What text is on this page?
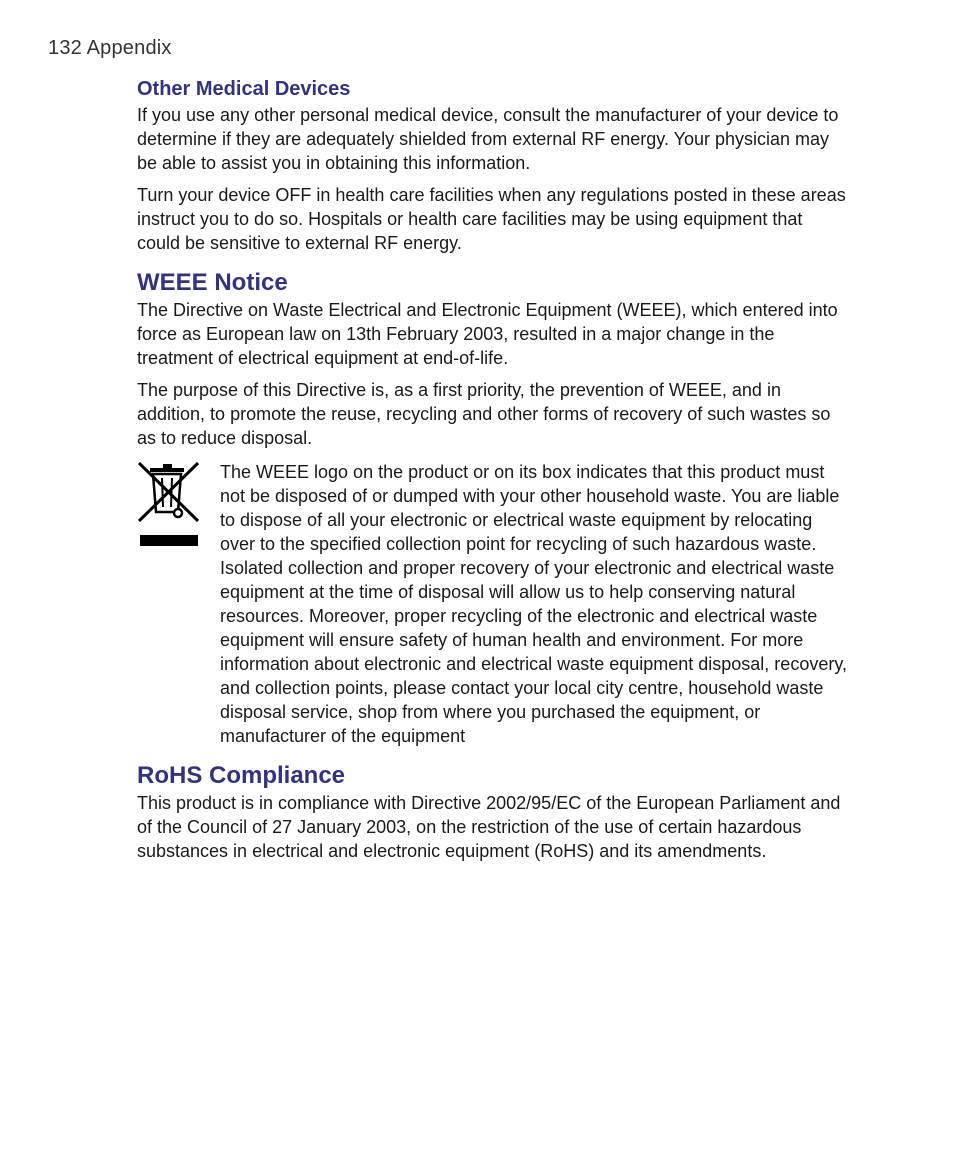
132 Appendix
Other Medical Devices

If you use any other personal medical device, consult the manufacturer of your device to determine if they are adequately shielded from external RF energy. Your physician may be able to assist you in obtaining this information.

Turn your device OFF in health care facilities when any regulations posted in these areas instruct you to do so. Hospitals or health care facilities may be using equipment that could be sensitive to external RF energy.

WEEE Notice

The Directive on Waste Electrical and Electronic Equipment (WEEE), which entered into force as European law on 13th February 2003, resulted in a major change in the treatment of electrical equipment at end-of-life.

The purpose of this Directive is, as a first priority, the prevention of WEEE, and in addition, to promote the reuse, recycling and other forms of recovery of such wastes so as to reduce disposal.

The WEEE logo on the product or on its box indicates that this product must not be disposed of or dumped with your other household waste. You are liable to dispose of all your electronic or electrical waste equipment by relocating over to the specified collection point for recycling of such hazardous waste. Isolated collection and proper recovery of your electronic and electrical waste equipment at the time of disposal will allow us to help conserving natural resources. Moreover, proper recycling of the electronic and electrical waste equipment will ensure safety of human health and environment. For more information about electronic and electrical waste equipment disposal, recovery, and collection points, please contact your local city centre, household waste disposal service, shop from where you purchased the equipment, or manufacturer of the equipment

RoHS Compliance

This product is in compliance with Directive 2002/95/EC of the European Parliament and of the Council of 27 January 2003, on the restriction of the use of certain hazardous substances in electrical and electronic equipment (RoHS) and its amendments.
